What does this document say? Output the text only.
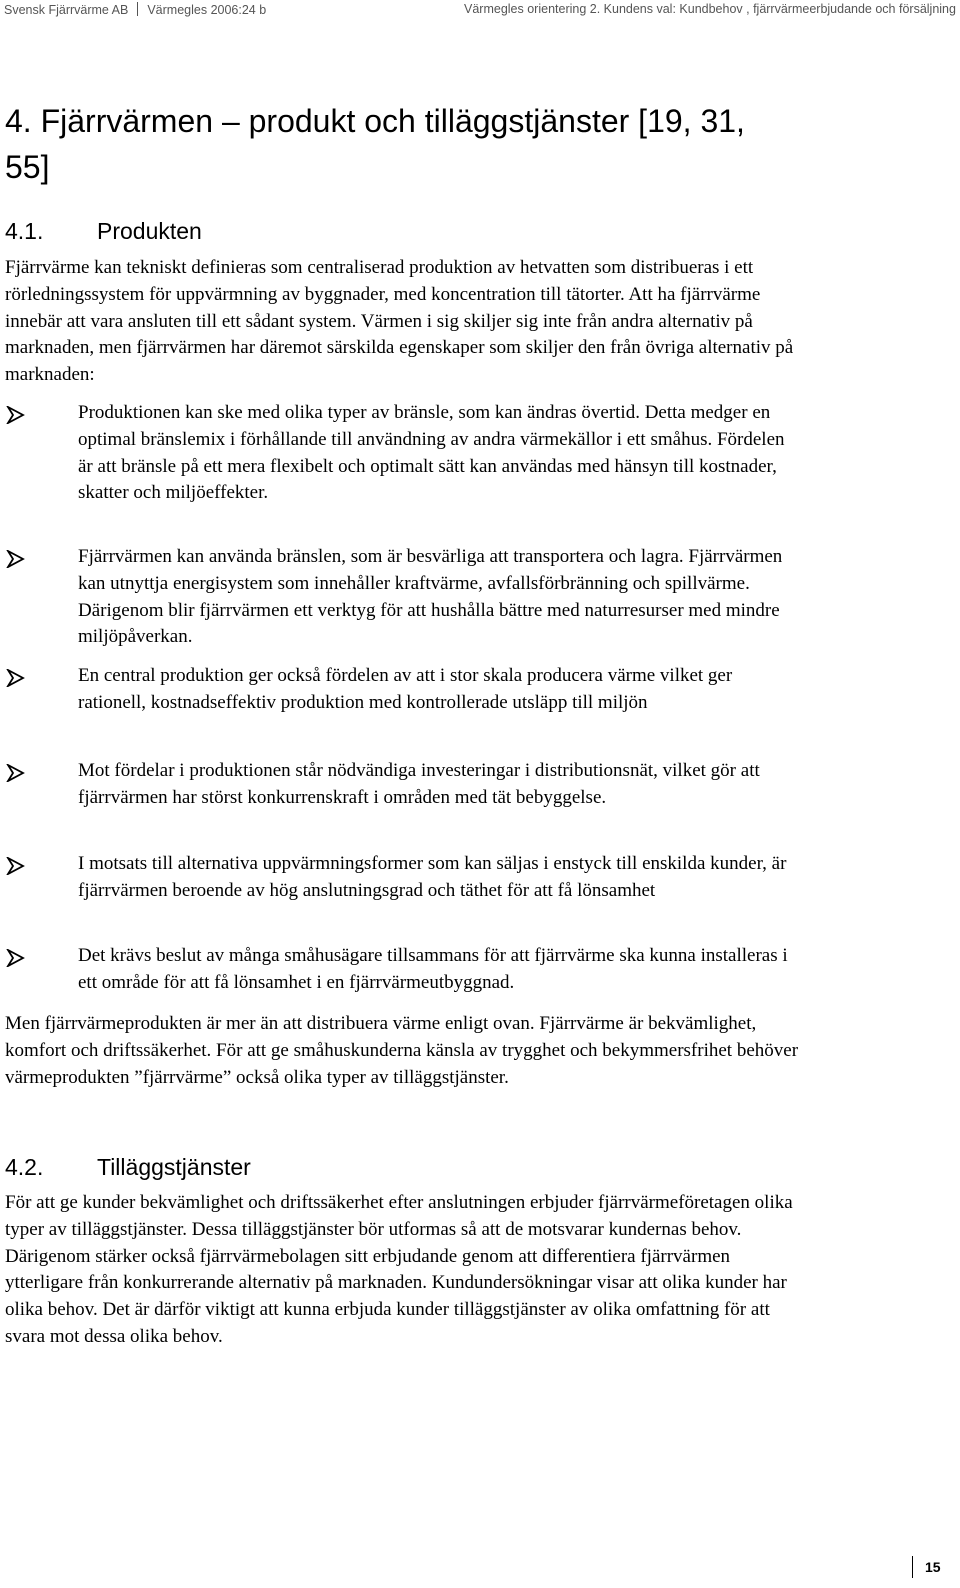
Svensk Fjärrvärme AB Värmegles 2006:24 b	Värmegles orientering 2. Kundens val: Kundbehov , fjärrvärmeerbjudande och försäljning
4. Fjärrvärmen – produkt och tilläggstjänster [19, 31, 55]
4.1. Produkten

Fjärrvärme kan tekniskt definieras som centraliserad produktion av hetvatten som distribueras i ett rörledningssystem för uppvärmning av byggnader, med koncentration till tätorter. Att ha fjärrvärme innebär att vara ansluten till ett sådant system. Värmen i sig skiljer sig inte från andra alternativ på marknaden, men fjärrvärmen har däremot särskilda egenskaper som skiljer den från övriga alternativ på marknaden:

Produktionen kan ske med olika typer av bränsle, som kan ändras övertid. Detta medger en optimal bränslemix i förhållande till användning av andra värmekällor i ett småhus. Fördelen är att bränsle på ett mera flexibelt och optimalt sätt kan användas med hänsyn till kostnader, skatter och miljöeffekter.
Fjärrvärmen kan använda bränslen, som är besvärliga att transportera och lagra. Fjärrvärmen kan utnyttja energisystem som innehåller kraftvärme, avfallsförbränning och spillvärme. Därigenom blir fjärrvärmen ett verktyg för att hushålla bättre med naturresurser med mindre miljöpåverkan.
En central produktion ger också fördelen av att i stor skala producera värme vilket ger rationell, kostnadseffektiv produktion med kontrollerade utsläpp till miljön
Mot fördelar i produktionen står nödvändiga investeringar i distributionsnät, vilket gör att fjärrvärmen har störst konkurrenskraft i områden med tät bebyggelse.
I motsats till alternativa uppvärmningsformer som kan säljas i enstyck till enskilda kunder, är fjärrvärmen beroende av hög anslutningsgrad och täthet för att få lönsamhet
Det krävs beslut av många småhusägare tillsammans för att fjärrvärme ska kunna installeras i ett område för att få lönsamhet i en fjärrvärmeutbyggnad.

Men fjärrvärmeprodukten är mer än att distribuera värme enligt ovan. Fjärrvärme är bekvämlighet, komfort och driftssäkerhet. För att ge småhuskunderna känsla av trygghet och bekymmersfrihet behöver värmeprodukten ”fjärrvärme” också olika typer av tilläggstjänster.

4.2. Tilläggstjänster

För att ge kunder bekvämlighet och driftssäkerhet efter anslutningen erbjuder fjärrvärmeföretagen olika typer av tilläggstjänster. Dessa tilläggstjänster bör utformas så att de motsvarar kundernas behov. Därigenom stärker också fjärrvärmebolagen sitt erbjudande genom att differentiera fjärrvärmen ytterligare från konkurrerande alternativ på marknaden. Kundundersökningar visar att olika kunder har olika behov. Det är därför viktigt att kunna erbjuda kunder tilläggstjänster av olika omfattning för att svara mot dessa olika behov.

15
